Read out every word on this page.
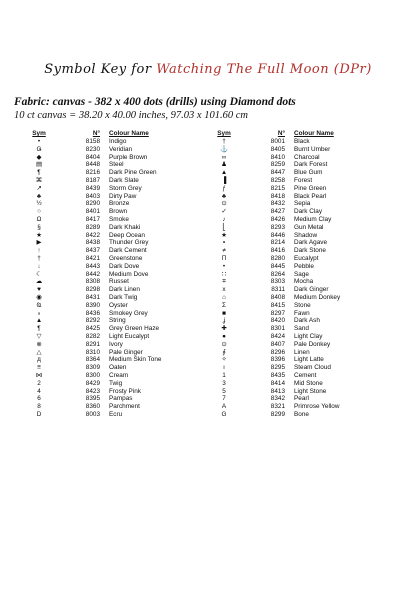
Symbol Key for Watching The Full Moon (DPr)
Fabric: canvas - 382 x 400 dots (drills) using Diamond dots
10 ct canvas = 38.20 x 40.00 inches, 97.03 x 101.60 cm
Sym	N° Colour Name
•	8158 Indigo
Ǥ	8230 Veridian
◆	8404 Purple Brown
▤	8448 Steel
¶	8216 Dark Pine Green
⌘	8187 Dark Slate
↗	8439 Storm Grey
♣	8403 Dirty Paw
½	8290 Bronze
○	8401 Brown
Ω	8417 Smoke
§	8289 Dark Khaki
★	8422 Deep Ocean
▶	8438 Thunder Grey
↑	8437 Dark Cement
†	8421 Greenstone
↓	8443 Dark Dove
☾	8442 Medium Dove
☁	8308 Russet
♥	8298 Dark Linen
◉	8431 Dark Twig
Ҩ	8390 Oyster
∘	8436 Smokey Grey
▲	8292 String
¶	8425 Grey Green Haze
▽	8282 Light Eucalypt
⊗	8291 Ivory
△	8310 Pale Ginger
д	8364 Medium Skin Tone
≡	8309 Oaten
⋈	8300 Cream
2	8429 Twig
4	8423 Frosty Pink
6	8395 Pampas
8	8360 Parchment
D	8003 Ecru
Sym	N° Colour Name
†	8001 Black
⚓	8405 Burnt Umber
∞	8410 Charcoal
♟	8259 Dark Forest
▲	8447 Blue Gum
▐	8258 Forest
ƒ	8215 Pine Green
♣	8418 Black Pearl
⊙	8432 Sepia
✓	8427 Dark Clay
♪	8426 Medium Clay
⎣	8293 Gun Metal
★	8446 Shadow
▪	8214 Dark Agave
≠	8416 Dark Stone
Π	8280 Eucalypt
•	8445 Pebble
∷	8264 Sage
⌗	8303 Mocha
x	8311 Dark Ginger
⌂	8408 Medium Donkey
Σ	8415 Stone
■	8297 Fawn
ʝ	8420 Dark Ash
✚	8301 Sand
●	8424 Light Clay
⊙	8407 Pale Donkey
∮	8296 Linen
✧	8396 Light Latte
ı	8295 Steam Cloud
1	8435 Cement
3	8414 Mid Stone
5	8413 Light Stone
7	8342 Pearl
A	8321 Primrose Yellow
G	8299 Bone
